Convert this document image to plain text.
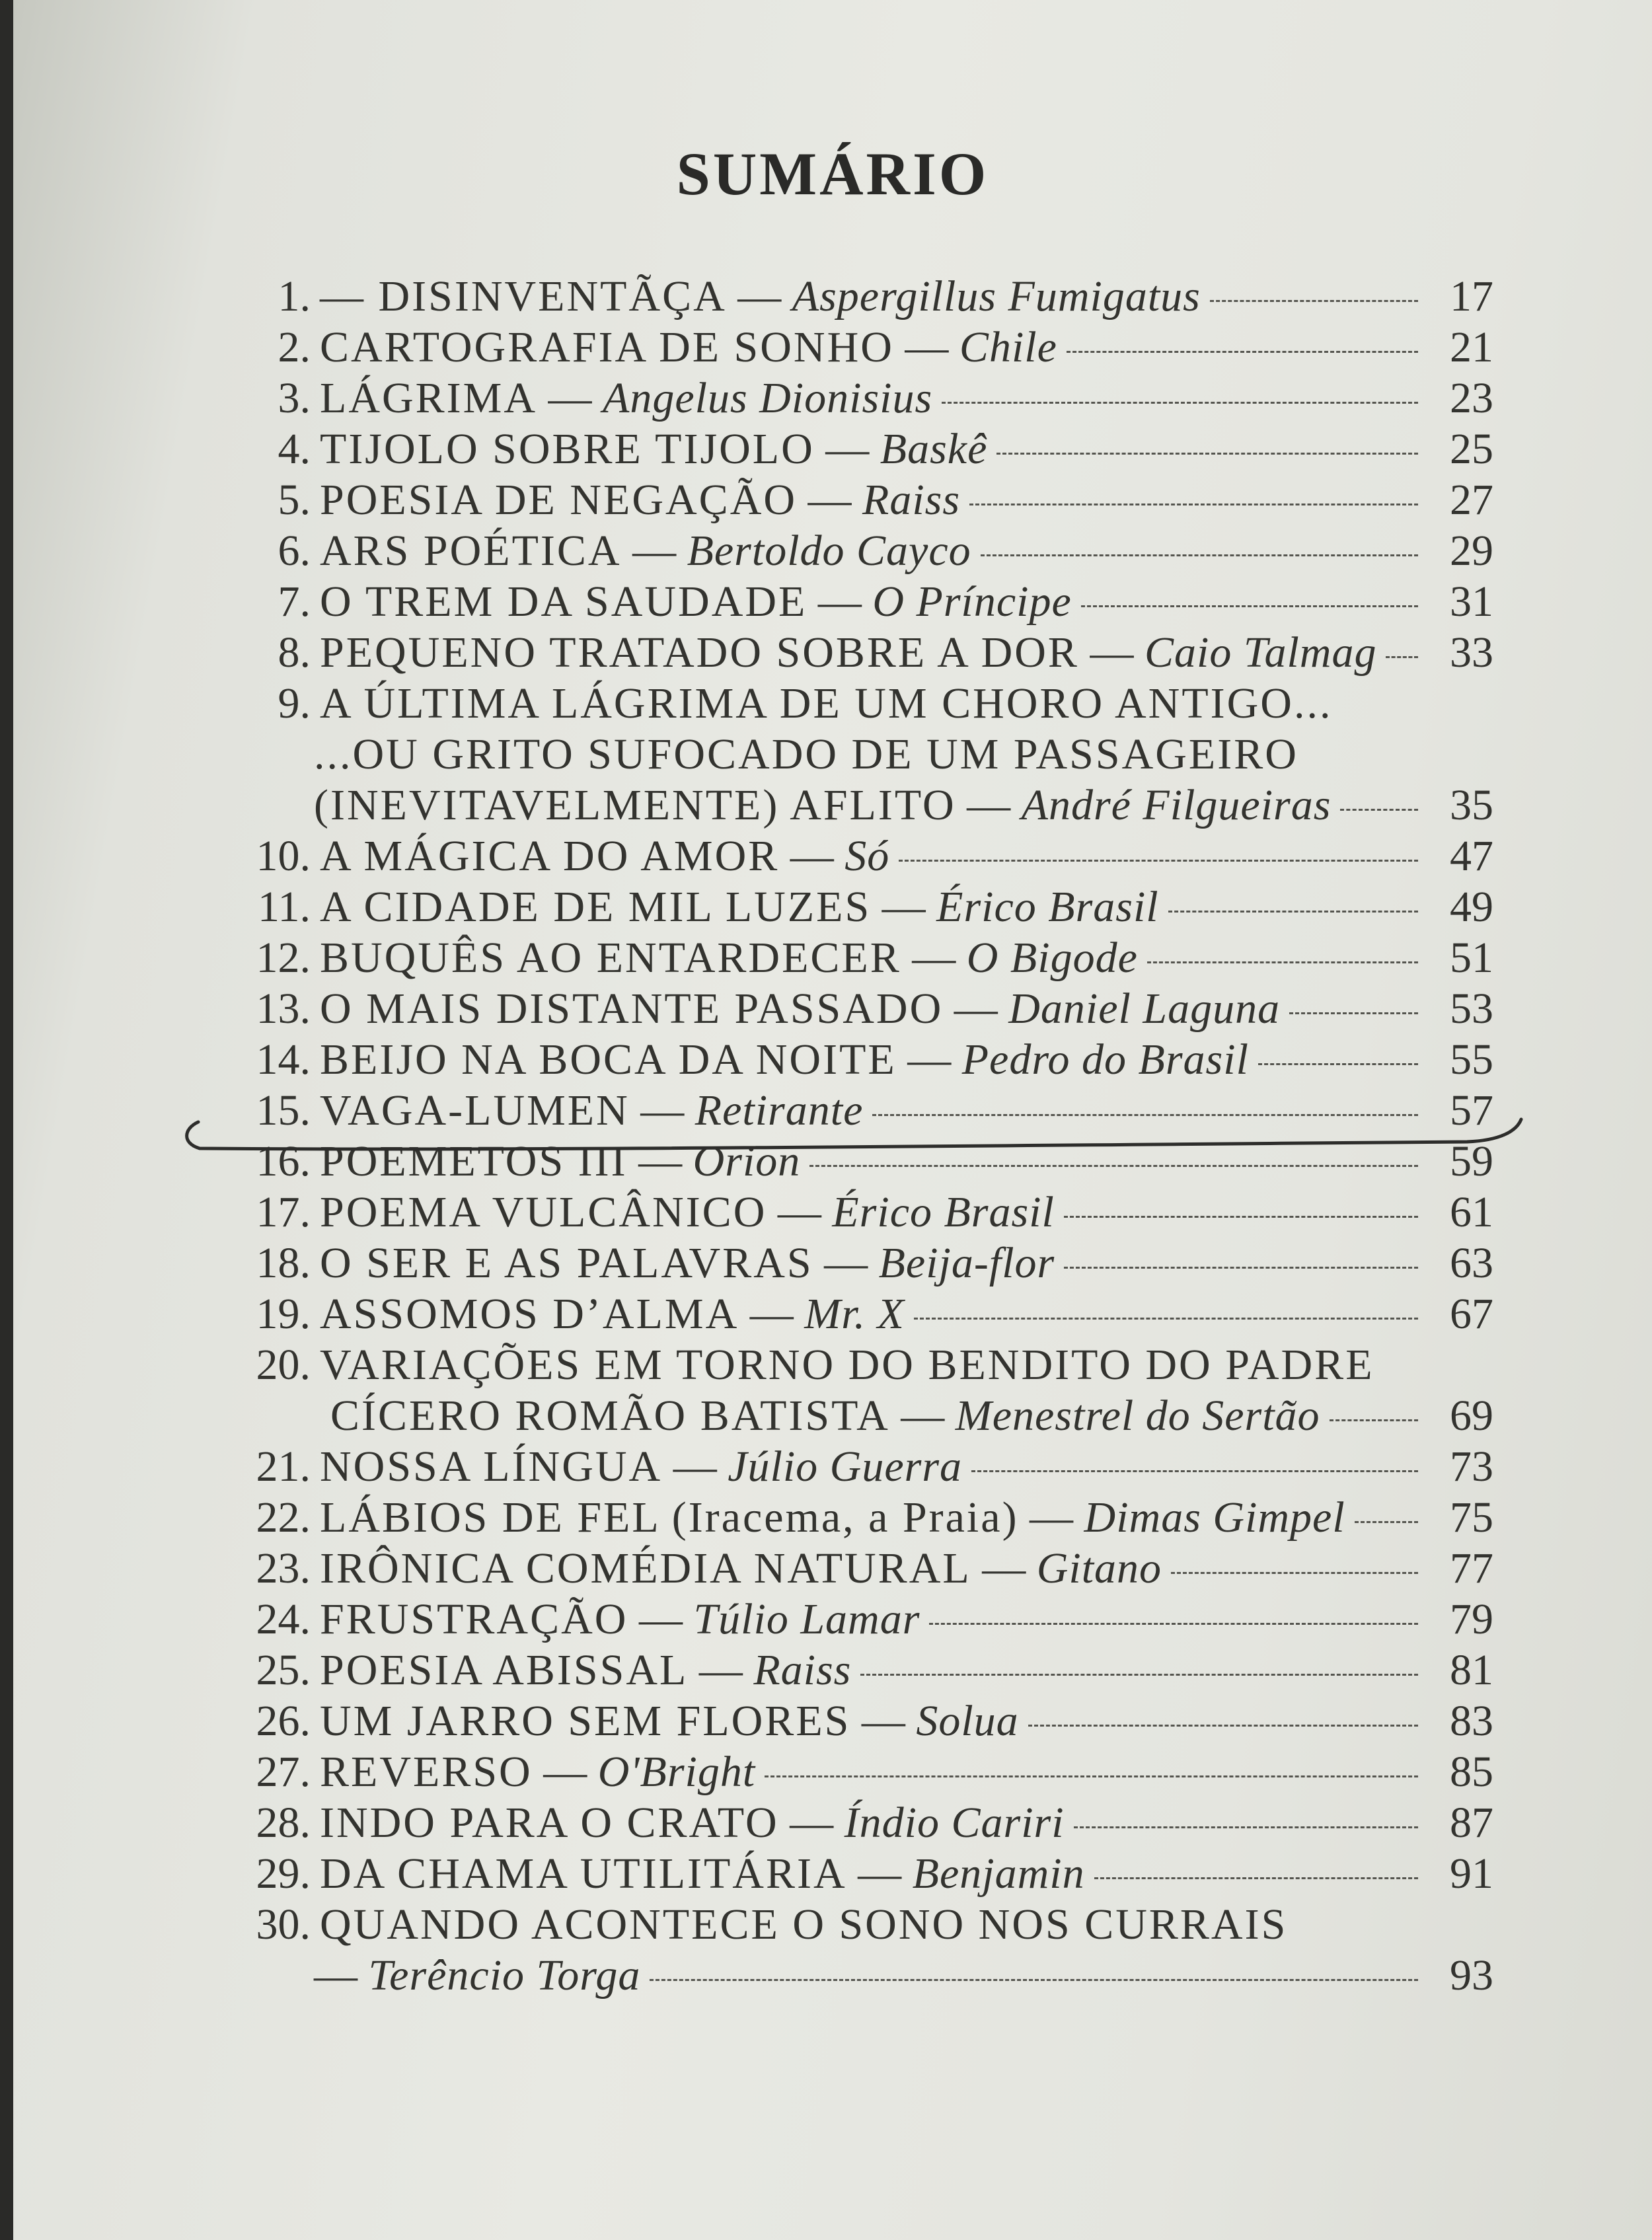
SUMÁRIO
1. — DISINVENTÃÇA — Aspergillus Fumigatus	17
2. CARTOGRAFIA DE SONHO — Chile	21
3. LÁGRIMA — Angelus Dionisius	23
4. TIJOLO SOBRE TIJOLO — Baskê	25
5. POESIA DE NEGAÇÃO — Raiss	27
6. ARS POÉTICA — Bertoldo Cayco	29
7. O TREM DA SAUDADE — O Príncipe	31
8. PEQUENO TRATADO SOBRE A DOR — Caio Talmag	33
9. A ÚLTIMA LÁGRIMA DE UM CHORO ANTIGO...
...OU GRITO SUFOCADO DE UM PASSAGEIRO
(INEVITAVELMENTE) AFLITO — André Filgueiras	35
10. A MÁGICA DO AMOR — Só	47
11. A CIDADE DE MIL LUZES — Érico Brasil	49
12. BUQUÊS AO ENTARDECER — O Bigode	51
13. O MAIS DISTANTE PASSADO — Daniel Laguna	53
14. BEIJO NA BOCA DA NOITE — Pedro do Brasil	55
15. VAGA-LUMEN — Retirante	57
16. POEMETOS III — Orion	59
17. POEMA VULCÂNICO — Érico Brasil	61
18. O SER E AS PALAVRAS — Beija-flor	63
19. ASSOMOS D’ALMA — Mr. X	67
20. VARIAÇÕES EM TORNO DO BENDITO DO PADRE
CÍCERO ROMÃO BATISTA — Menestrel do Sertão	69
21. NOSSA LÍNGUA — Júlio Guerra	73
22. LÁBIOS DE FEL (Iracema, a Praia) — Dimas Gimpel	75
23. IRÔNICA COMÉDIA NATURAL — Gitano	77
24. FRUSTRAÇÃO — Túlio Lamar	79
25. POESIA ABISSAL — Raiss	81
26. UM JARRO SEM FLORES — Solua	83
27. REVERSO — O'Bright	85
28. INDO PARA O CRATO — Índio Cariri	87
29. DA CHAMA UTILITÁRIA — Benjamin	91
30. QUANDO ACONTECE O SONO NOS CURRAIS
— Terêncio Torga	93
